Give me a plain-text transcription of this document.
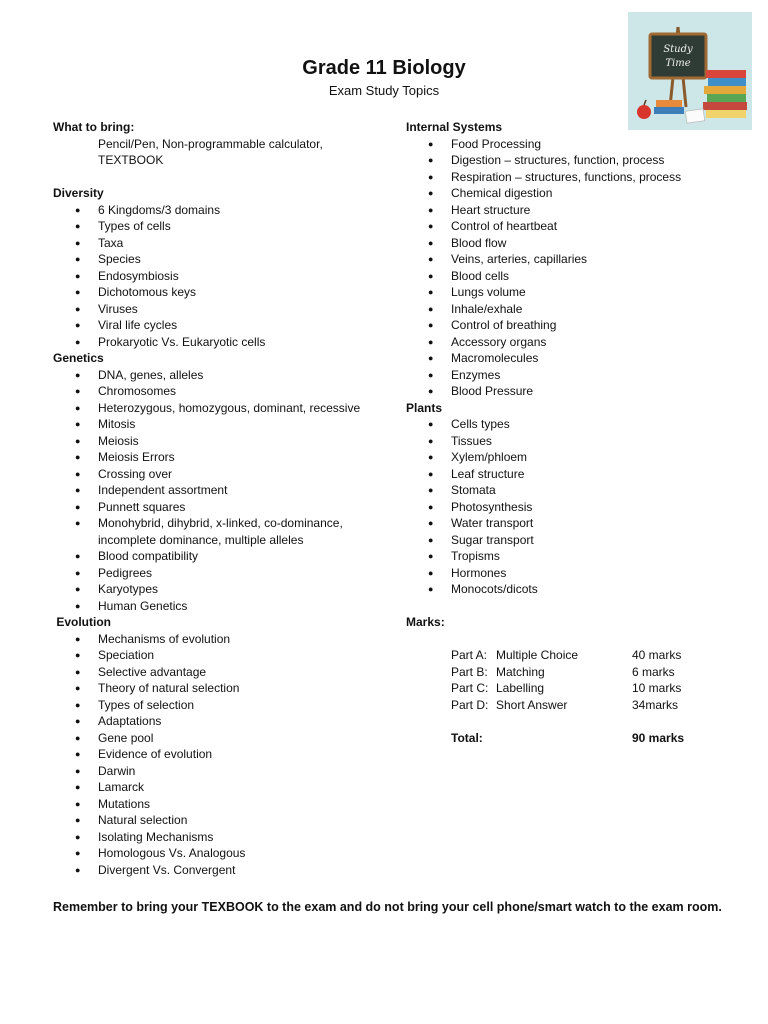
Grade 11 Biology
Exam Study Topics
Study
Time
What to bring:
Pencil/Pen, Non-programmable calculator,
TEXTBOOK
Diversity
● 6 Kingdoms/3 domains
● Types of cells
● Taxa
● Species
● Endosymbiosis
● Dichotomous keys
● Viruses
● Viral life cycles
● Prokaryotic Vs. Eukaryotic cells
Genetics
● DNA, genes, alleles
● Chromosomes
● Heterozygous, homozygous, dominant, recessive
● Mitosis
● Meiosis
● Meiosis Errors
● Crossing over
● Independent assortment
● Punnett squares
● Monohybrid, dihybrid, x-linked, co-dominance,
incomplete dominance, multiple alleles
● Blood compatibility
● Pedigrees
● Karyotypes
● Human Genetics
Evolution
● Mechanisms of evolution
● Speciation
● Selective advantage
● Theory of natural selection
● Types of selection
● Adaptations
● Gene pool
● Evidence of evolution
● Darwin
● Lamarck
● Mutations
● Natural selection
● Isolating Mechanisms
● Homologous Vs. Analogous
● Divergent Vs. Convergent
Internal Systems
● Food Processing
● Digestion – structures, function, process
● Respiration – structures, functions, process
● Chemical digestion
● Heart structure
● Control of heartbeat
● Blood flow
● Veins, arteries, capillaries
● Blood cells
● Lungs volume
● Inhale/exhale
● Control of breathing
● Accessory organs
● Macromolecules
● Enzymes
● Blood Pressure
Plants
● Cells types
● Tissues
● Xylem/phloem
● Leaf structure
● Stomata
● Photosynthesis
● Water transport
● Sugar transport
● Tropisms
● Hormones
● Monocots/dicots
Marks:
Part A:	Multiple Choice	40 marks
Part B:	Matching	6 marks
Part C:	Labelling	10 marks
Part D:	Short Answer	34marks

Total:		90 marks
Remember to bring your TEXBOOK to the exam and do not bring your cell phone/smart watch to the exam room.
